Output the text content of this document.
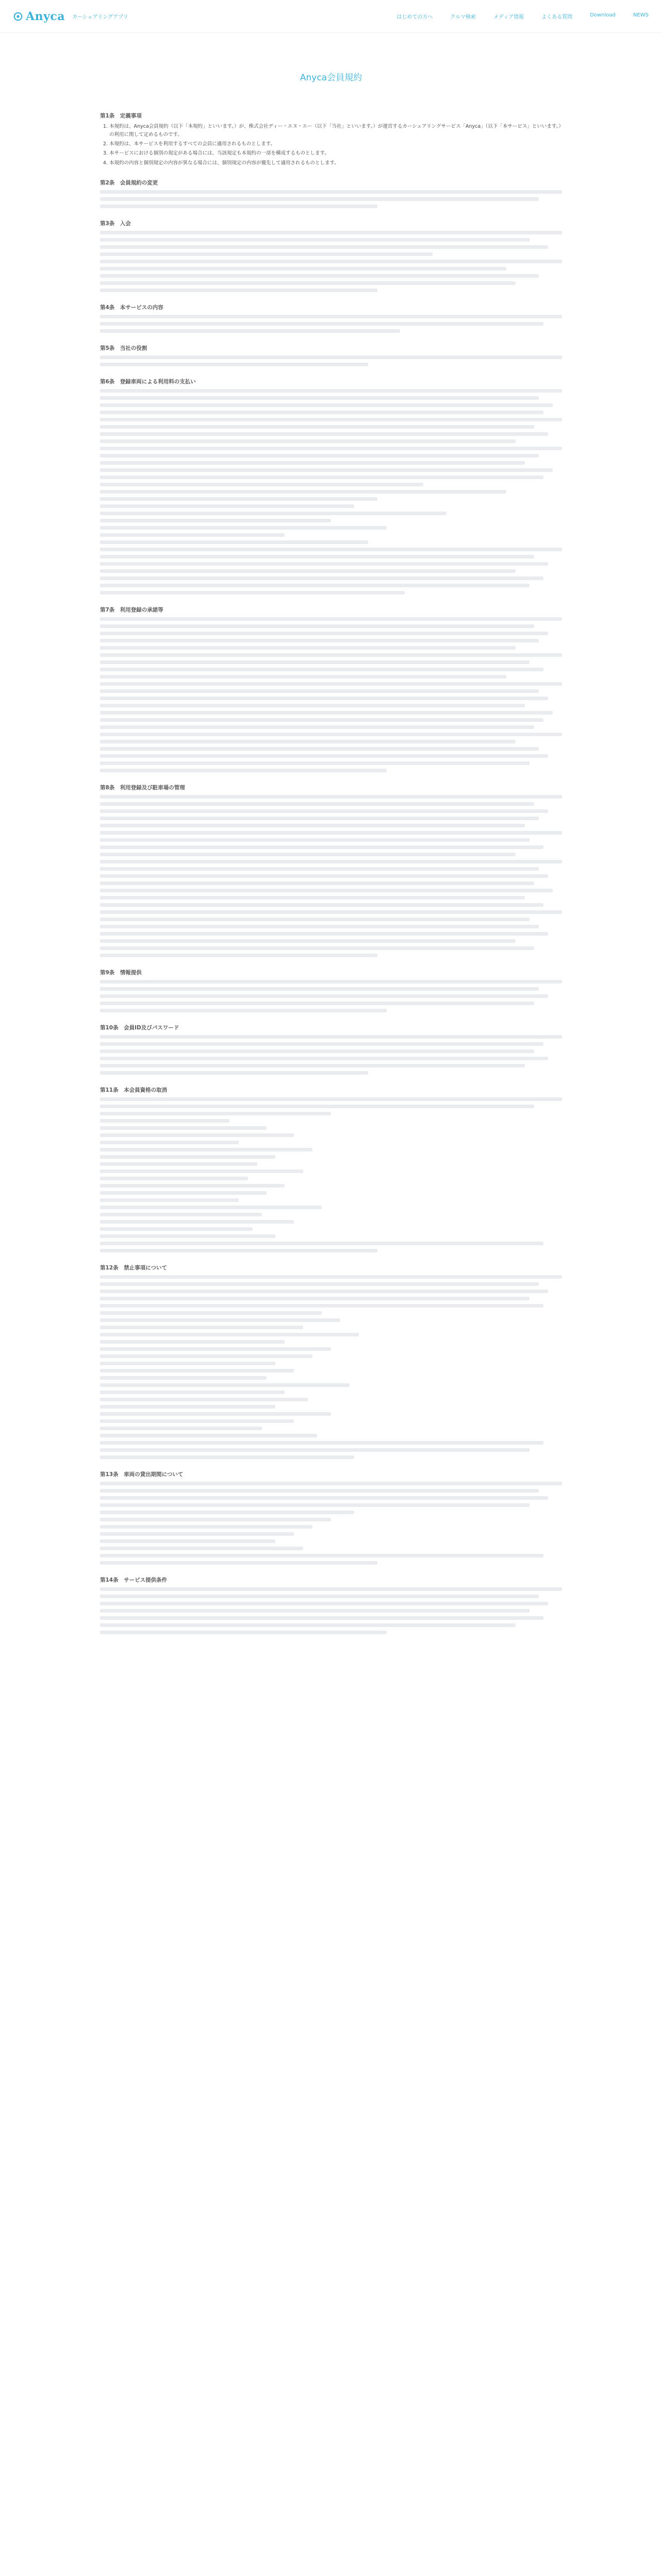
Anyca カーシェアリングアプリ	はじめての方へ	クルマ検索	メディア情報	よくある質問	Download	NEWS
Anyca会員規約
第1条　定義事項
1. 本規約は、Anyca会員規約（以下「本規約」といいます。）が、株式会社ディー・エヌ・エー（以下「当社」といいます。）が運営するカーシェアリングサービス「Anyca」（以下「本サービス」といいます。）の利用に関して定めるものです。
2. 本規約は、本サービスを利用するすべての会員に適用されるものとします。
3. 本サービスにおける個別の規定がある場合には、当該規定も本規約の一部を構成するものとします。
4. 本規約の内容と個別規定の内容が異なる場合には、個別規定の内容が優先して適用されるものとします。
第2条　会員規約の変更
第3条　入会
第4条　本サービスの内容
第5条　当社の役割
第6条　登録車両による利用料の支払い
第7条　利用登録の承諾等
第8条　利用登録及び駐車場の管理
第9条　情報提供
第10条　会員ID及びパスワード
第11条　本会員資格の取消
第12条　禁止事項について
第13条　車両の貸出期間について
第14条　サービス提供条件
